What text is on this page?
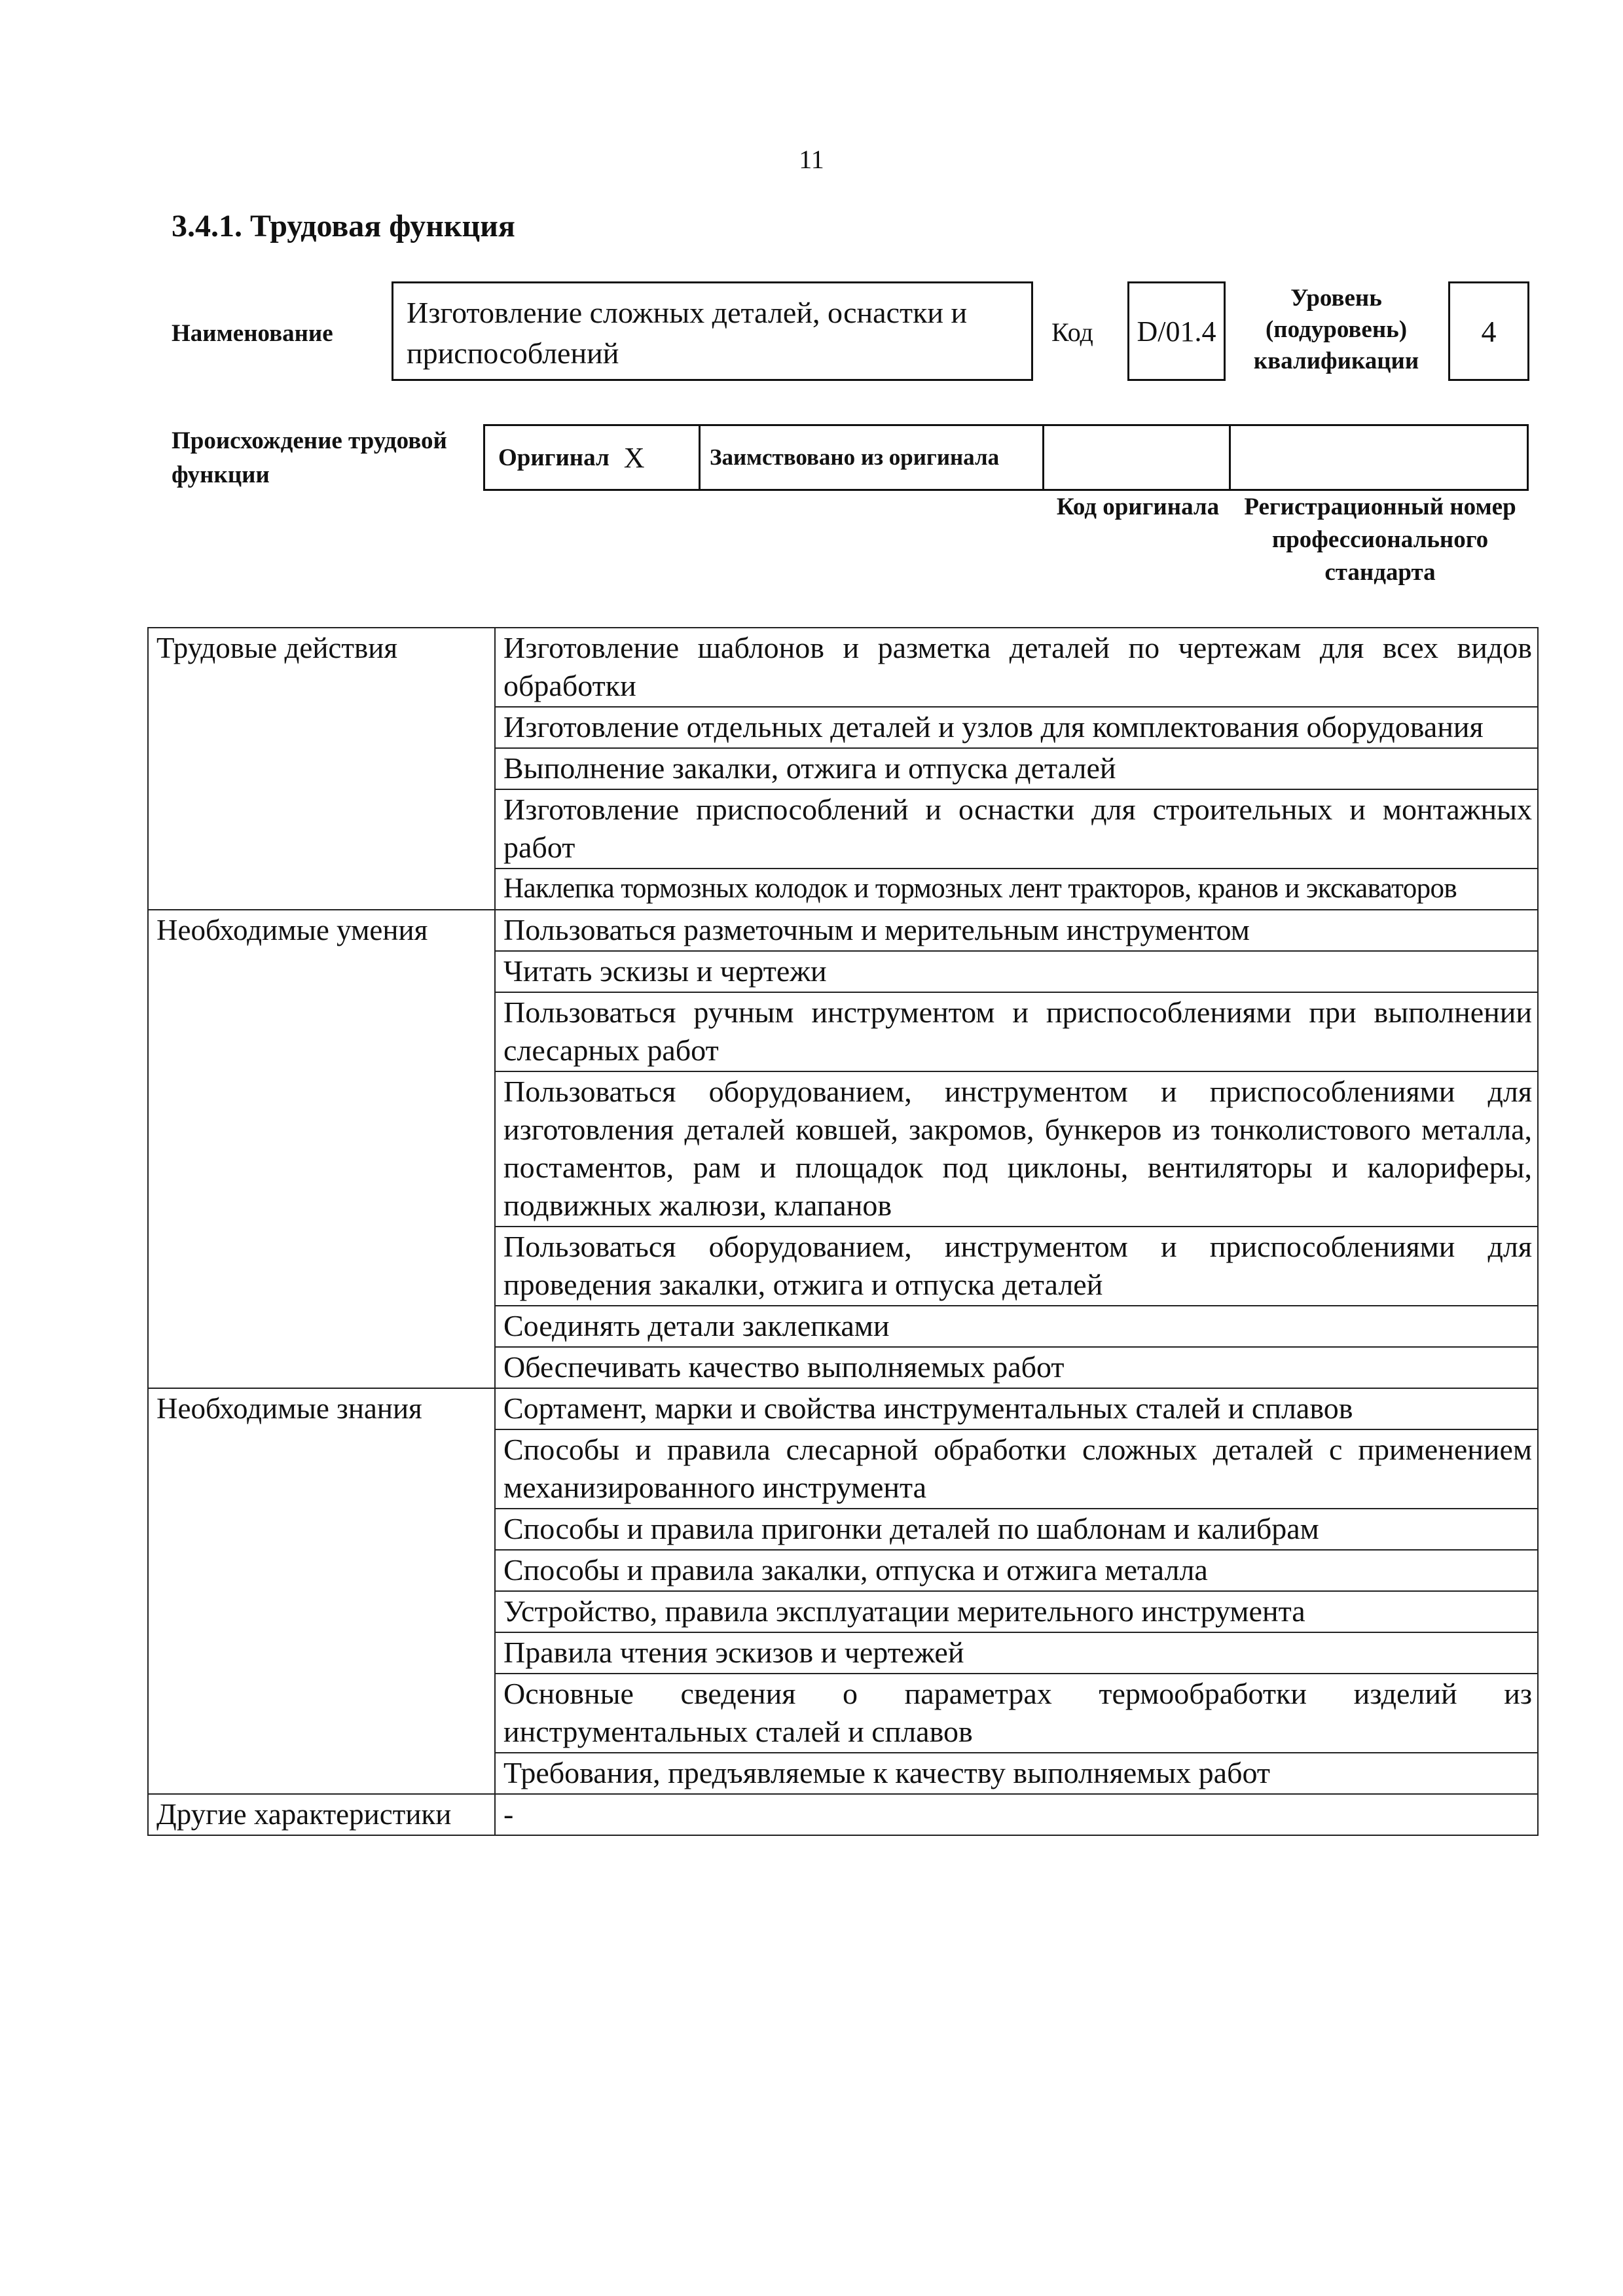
11
3.4.1. Трудовая функция
Наименование
Изготовление сложных деталей, оснастки и приспособлений
Код	D/01.4
Уровень (подуровень) квалификации
4
Происхождение трудовой функции
Оригинал X	Заимствовано из оригинала
Код оригинала	Регистрационный номер профессионального стандарта
Трудовые действия	Изготовление шаблонов и разметка деталей по чертежам для всех видов обработки
	Изготовление отдельных деталей и узлов для комплектования оборудования
	Выполнение закалки, отжига и отпуска деталей
	Изготовление приспособлений и оснастки для строительных и монтажных работ
	Наклепка тормозных колодок и тормозных лент тракторов, кранов и экскаваторов
Необходимые умения	Пользоваться разметочным и мерительным инструментом
	Читать эскизы и чертежи
	Пользоваться ручным инструментом и приспособлениями при выполнении слесарных работ
	Пользоваться оборудованием, инструментом и приспособлениями для изготовления деталей ковшей, закромов, бункеров из тонколистового металла, постаментов, рам и площадок под циклоны, вентиляторы и калориферы, подвижных жалюзи, клапанов
	Пользоваться оборудованием, инструментом и приспособлениями для проведения закалки, отжига и отпуска деталей
	Соединять детали заклепками
	Обеспечивать качество выполняемых работ
Необходимые знания	Сортамент, марки и свойства инструментальных сталей и сплавов
	Способы и правила слесарной обработки сложных деталей с применением механизированного инструмента
	Способы и правила пригонки деталей по шаблонам и калибрам
	Способы и правила закалки, отпуска и отжига металла
	Устройство, правила эксплуатации мерительного инструмента
	Правила чтения эскизов и чертежей
	Основные сведения о параметрах термообработки изделий из инструментальных сталей и сплавов
	Требования, предъявляемые к качеству выполняемых работ
Другие характеристики	-
